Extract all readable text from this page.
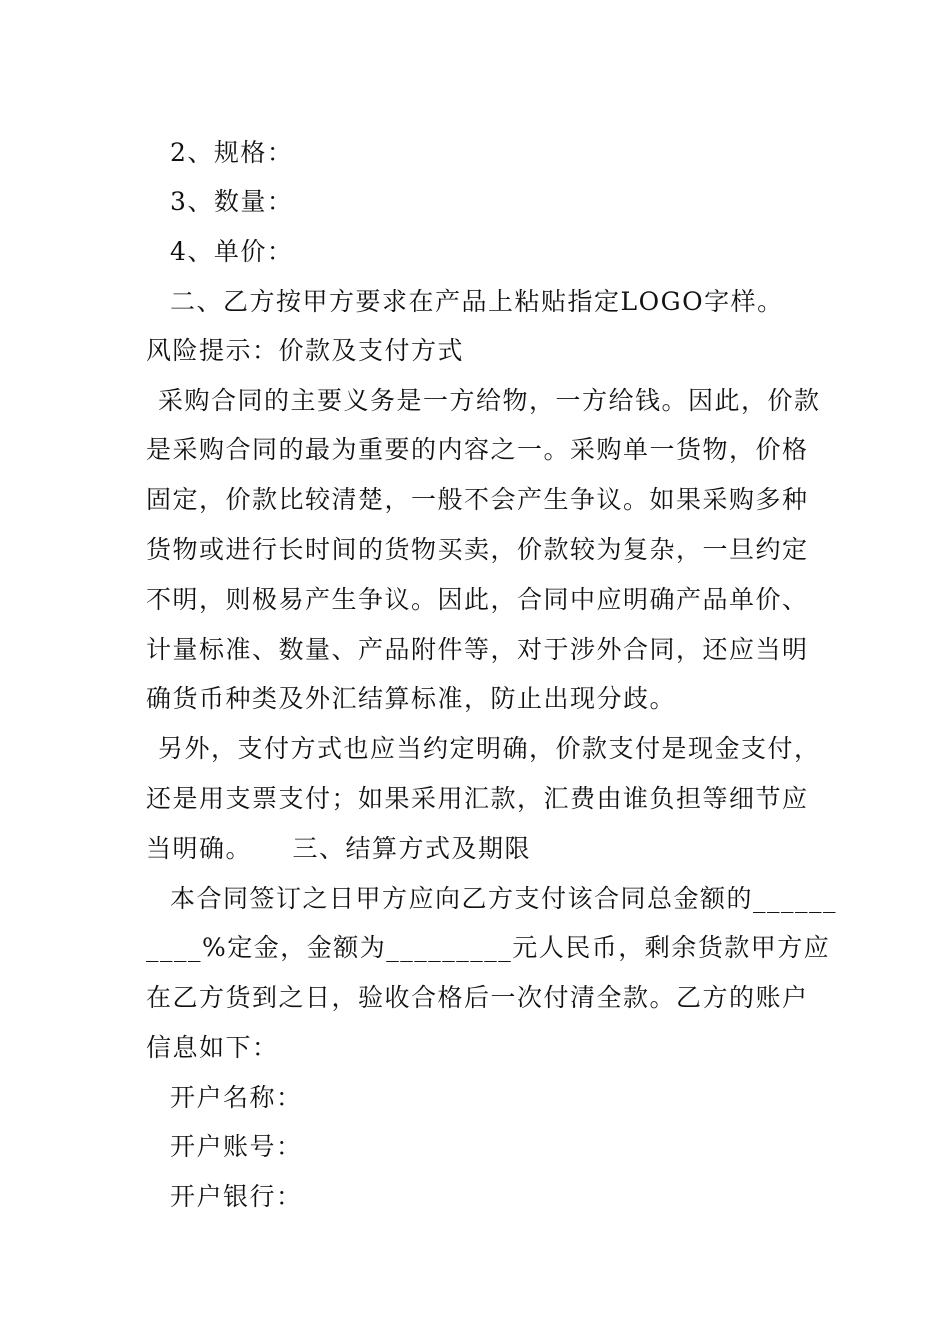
2、规格：

3、数量：

4、单价：

二、乙方按甲方要求在产品上粘贴指定LOGO字样。

风险提示：价款及支付方式

采购合同的主要义务是一方给物，一方给钱。因此，价款

是采购合同的最为重要的内容之一。采购单一货物，价格

固定，价款比较清楚，一般不会产生争议。如果采购多种

货物或进行长时间的货物买卖，价款较为复杂，一旦约定

不明，则极易产生争议。因此，合同中应明确产品单价、

计量标准、数量、产品附件等，对于涉外合同，还应当明

确货币种类及外汇结算标准，防止出现分歧。

另外，支付方式也应当约定明确，价款支付是现金支付，

还是用支票支付；如果采用汇款，汇费由谁负担等细节应

当明确。　　三、结算方式及期限

本合同签订之日甲方应向乙方支付该合同总金额的______

____%定金，金额为_________元人民币，剩余货款甲方应

在乙方货到之日，验收合格后一次付清全款。乙方的账户

信息如下：

开户名称：

开户账号：

开户银行：
